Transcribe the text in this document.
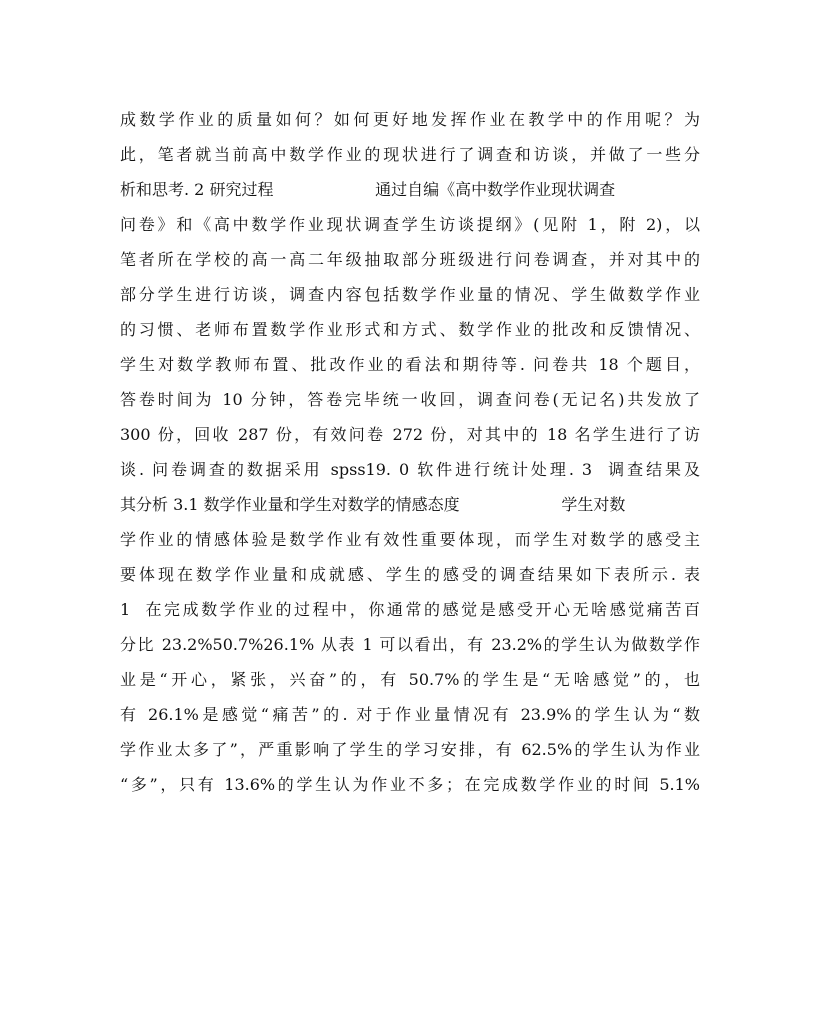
成数学作业的质量如何？如何更好地发挥作业在教学中的作用呢？为
此，笔者就当前高中数学作业的现状进行了调查和访谈，并做了一些分
析和思考. 2 研究过程                    通过自编《高中数学作业现状调查
问卷》和《高中数学作业现状调查学生访谈提纲》(见附 1，附 2)，以
笔者所在学校的高一高二年级抽取部分班级进行问卷调查，并对其中的
部分学生进行访谈，调查内容包括数学作业量的情况、学生做数学作业
的习惯、老师布置数学作业形式和方式、数学作业的批改和反馈情况、
学生对数学教师布置、批改作业的看法和期待等. 问卷共 18 个题目，
答卷时间为 10 分钟，答卷完毕统一收回，调查问卷(无记名)共发放了
300 份，回收 287 份，有效问卷 272 份，对其中的 18 名学生进行了访
谈. 问卷调查的数据采用 spss19. 0 软件进行统计处理. 3  调查结果及
其分析 3.1 数学作业量和学生对数学的情感态度                    学生对数
学作业的情感体验是数学作业有效性重要体现，而学生对数学的感受主
要体现在数学作业量和成就感、学生的感受的调查结果如下表所示. 表
1  在完成数学作业的过程中，你通常的感觉是感受开心无啥感觉痛苦百
分比 23.2%50.7%26.1% 从表 1 可以看出，有 23.2%的学生认为做数学作
业是“开心，紧张，兴奋”的，有 50.7%的学生是“无啥感觉”的，也
有 26.1%是感觉“痛苦”的. 对于作业量情况有 23.9%的学生认为“数
学作业太多了”，严重影响了学生的学习安排，有 62.5%的学生认为作业
“多”，只有 13.6%的学生认为作业不多；在完成数学作业的时间 5.1%
